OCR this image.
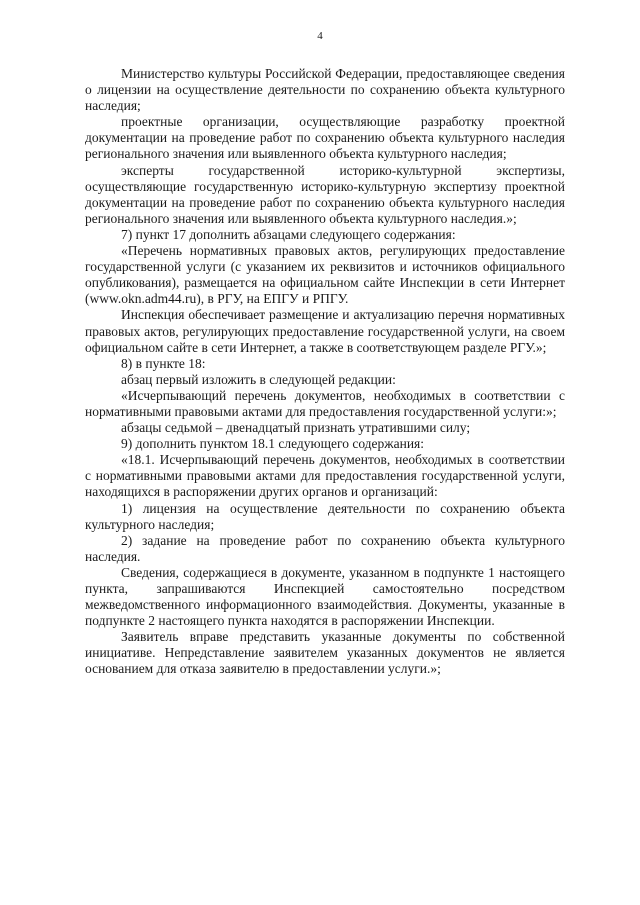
4

Министерство культуры Российской Федерации, предоставляющее сведения о лицензии на осуществление деятельности по сохранению объекта культурного наследия;

проектные организации, осуществляющие разработку проектной документации на проведение работ по сохранению объекта культурного наследия регионального значения или выявленного объекта культурного наследия;

эксперты государственной историко-культурной экспертизы, осуществляющие государственную историко-культурную экспертизу проектной документации на проведение работ по сохранению объекта культурного наследия регионального значения или выявленного объекта культурного наследия.»;

7) пункт 17 дополнить абзацами следующего содержания:

«Перечень нормативных правовых актов, регулирующих предоставление государственной услуги (с указанием их реквизитов и источников официального опубликования), размещается на официальном сайте Инспекции в сети Интернет (www.okn.adm44.ru), в РГУ, на ЕПГУ и РПГУ.

Инспекция обеспечивает размещение и актуализацию перечня нормативных правовых актов, регулирующих предоставление государственной услуги, на своем официальном сайте в сети Интернет, а также в соответствующем разделе РГУ.»;

8) в пункте 18:

абзац первый изложить в следующей редакции:

«Исчерпывающий перечень документов, необходимых в соответствии с нормативными правовыми актами для предоставления государственной услуги:»;

абзацы седьмой – двенадцатый признать утратившими силу;

9) дополнить пунктом 18.1 следующего содержания:

«18.1. Исчерпывающий перечень документов, необходимых в соответствии с нормативными правовыми актами для предоставления государственной услуги, находящихся в распоряжении других органов и организаций:

1) лицензия на осуществление деятельности по сохранению объекта культурного наследия;

2) задание на проведение работ по сохранению объекта культурного наследия.

Сведения, содержащиеся в документе, указанном в подпункте 1 настоящего пункта, запрашиваются Инспекцией самостоятельно посредством межведомственного информационного взаимодействия. Документы, указанные в подпункте 2 настоящего пункта находятся в распоряжении Инспекции.

Заявитель вправе представить указанные документы по собственной инициативе. Непредставление заявителем указанных документов не является основанием для отказа заявителю в предоставлении услуги.»;
